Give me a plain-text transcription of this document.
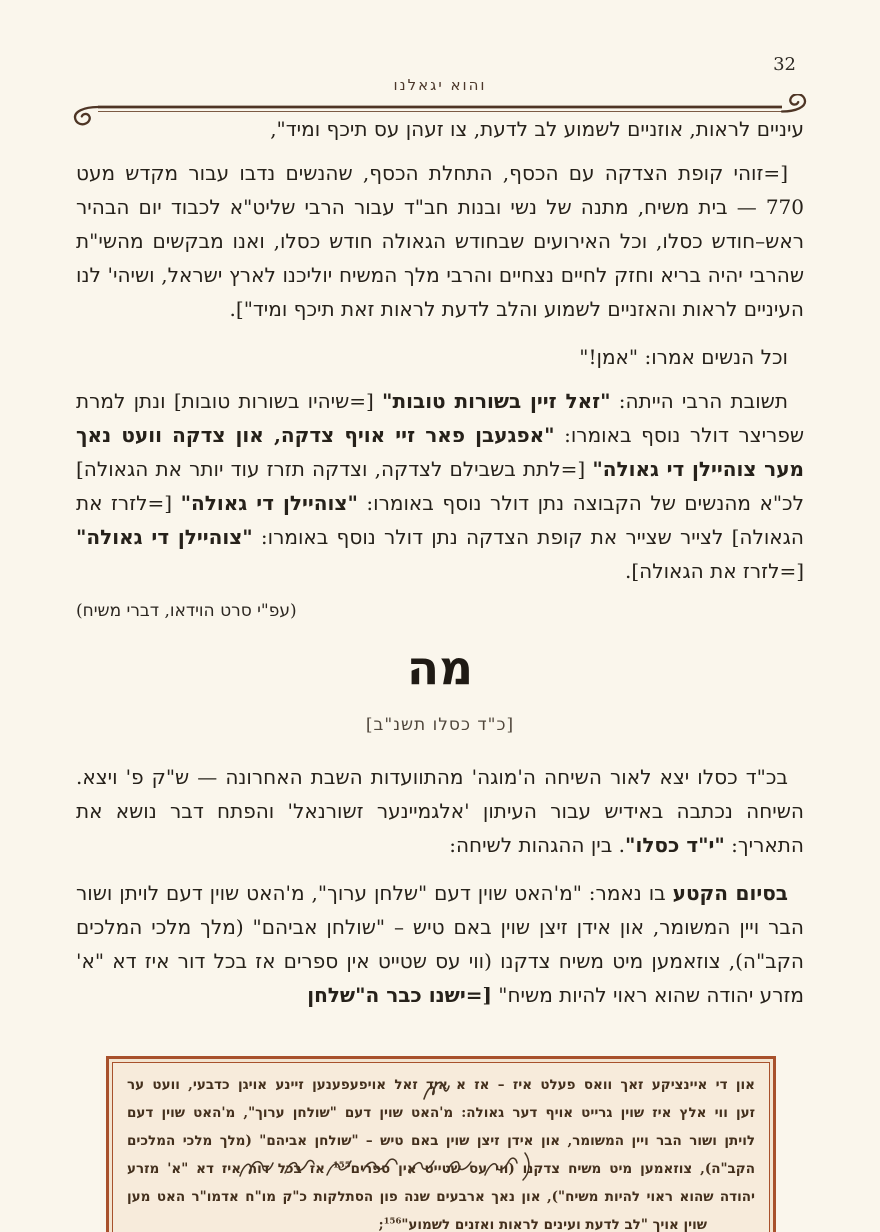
32
והוא יגאלנו

עיניים לראות, אוזניים לשמוע לב לדעת, צו זעהן עס תיכף ומיד",

[=זוהי קופת הצדקה עם הכסף, התחלת הכסף, שהנשים נדבו עבור מקדש מעט 770 — בית משיח, מתנה של נשי ובנות חב"ד עבור הרבי שליט"א לכבוד יום הבהיר ראש–חודש כסלו, וכל האירועים שבחודש הגאולה חודש כסלו, ואנו מבקשים מהשי"ת שהרבי יהיה בריא וחזק לחיים נצחיים והרבי מלך המשיח יוליכנו לארץ ישראל, ושיהי' לנו העיניים לראות והאזניים לשמוע והלב לדעת לראות זאת תיכף ומיד"].

וכל הנשים אמרו: "אמן!"

תשובת הרבי הייתה: "זאל זיין בשורות טובות" [=שיהיו בשורות טובות] ונתן למרת שפריצר דולר נוסף באומרו: "אפגעבן פאר זיי אויף צדקה, און צדקה וועט נאך מער צוהיילן די גאולה" [=לתת בשבילם לצדקה, וצדקה תזרז עוד יותר את הגאולה] לכ"א מהנשים של הקבוצה נתן דולר נוסף באומרו: "צוהיילן די גאולה" [=לזרז את הגאולה] לצייר שצייר את קופת הצדקה נתן דולר נוסף באומרו: "צוהיילן די גאולה" [=לזרז את הגאולה].

(עפ"י סרט הוידאו, דברי משיח)

מה
[כ"ד כסלו תשנ"ב]

בכ"ד כסלו יצא לאור השיחה ה'מוגה' מהתוועדות השבת האחרונה — ש"ק פ' ויצא. השיחה נכתבה באידיש עבור העיתון 'אלגמיינער זשורנאל' והפתח דבר נושא את התאריך: "י"ד כסלו". בין ההגהות לשיחה:

בסיום הקטע בו נאמר: "מ'האט שוין דעם "שלחן ערוך", מ'האט שוין דעם לויתן ושור הבר ויין המשומר, און אידן זיצן שוין באם טיש – "שולחן אביהם" (מלך מלכי המלכים הקב"ה), צוזאמען מיט משיח צדקנו (ווי עס שטייט אין ספרים אז בכל דור איז דא "א' מזרע יהודה שהוא ראוי להיות משיח" [=ישנו כבר ה"שלחן

און די איינציקע זאך וואס פעלט איז – אז א איד זאל אויפעפענען זיינע אויגן כדבעי, וועט ער
זען ווי אלץ איז שוין גרייט אויף דער גאולה: מ'האט שוין דעם "שולחן ערוך", מ'האט שוין דעם
לויתן ושור הבר ויין המשומר, און אידן זיצן שוין באם טיש – "שולחן אביהם" (מלך מלכי המלכים
הקב"ה), צוזאמען מיט משיח צדקנו (ווי עס שטייט אין ספרים$^{155}$ אז בכל דור איז דא "א' מזרע
יהודה שהוא ראוי להיות משיח"), און נאך ארבעים שנה פון הסתלקות כ"ק מו"ח אדמו"ר האט מען
שוין אויך "לב לדעת ועינים לראות ואזנים לשמוע"$^{156}$;
